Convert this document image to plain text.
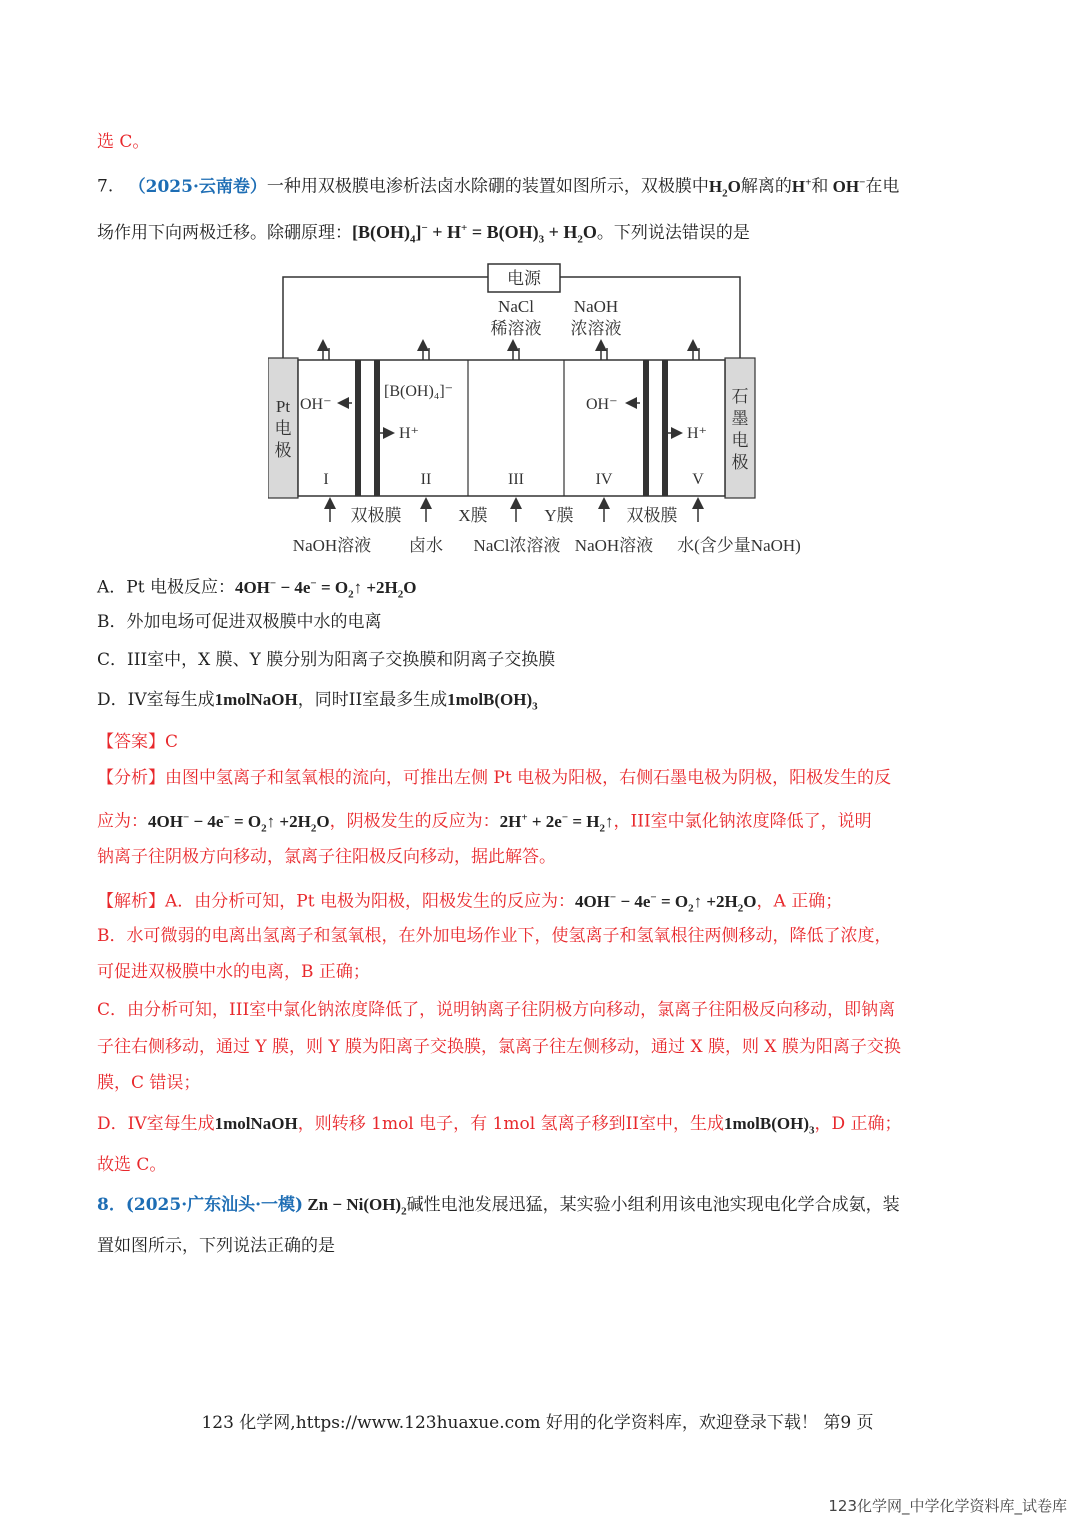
选 C。
7. （2025·云南卷）一种用双极膜电渗析法卤水除硼的装置如图所示，双极膜中$H_2O$解离的H+和 OH−在电
场作用下向两极迁移。除硼原理：$[B(OH)_4]^- + H^+ = B(OH)_3 + H_2O$。下列说法错误的是
电源
NaCl
稀溶液
NaOH
浓溶液
Pt
电
极
石
墨
电
极
OH⁻
H⁺
[B(OH)₄]⁻
OH⁻
H⁺
I	II	III	IV	V
双极膜	X膜	Y膜	双极膜
NaOH溶液 卤水 NaCl浓溶液 NaOH溶液 水(含少量NaOH)
A．Pt 电极反应：$4OH^- - 4e^- = O_2↑ +2H_2O$
B．外加电场可促进双极膜中水的电离
C．III室中，X 膜、Y 膜分别为阳离子交换膜和阴离子交换膜
D．IV室每生成1molNaOH，同时II室最多生成$1molB(OH)_3$
【答案】C
【分析】由图中氢离子和氢氧根的流向，可推出左侧 Pt 电极为阳极，右侧石墨电极为阴极，阳极发生的反
应为：$4OH^- - 4e^- = O_2↑ +2H_2O$，阴极发生的反应为：$2H^+ + 2e^- = H_2↑$，III室中氯化钠浓度降低了，说明
钠离子往阴极方向移动，氯离子往阳极反向移动，据此解答。
【解析】A．由分析可知，Pt 电极为阳极，阳极发生的反应为：$4OH^- - 4e^- = O_2↑ +2H_2O$，A 正确；
B．水可微弱的电离出氢离子和氢氧根，在外加电场作业下，使氢离子和氢氧根往两侧移动，降低了浓度，
可促进双极膜中水的电离，B 正确；
C．由分析可知，III室中氯化钠浓度降低了，说明钠离子往阴极方向移动，氯离子往阳极反向移动，即钠离
子往右侧移动，通过 Y 膜，则 Y 膜为阳离子交换膜，氯离子往左侧移动，通过 X 膜，则 X 膜为阳离子交换
膜，C 错误；
D．IV室每生成1molNaOH，则转移 1mol 电子，有 1mol 氢离子移到II室中，生成$1molB(OH)_3$，D 正确；
故选 C。
8．(2025·广东汕头·一模) $Zn - Ni(OH)_2$碱性电池发展迅猛，某实验小组利用该电池实现电化学合成氨，装
置如图所示，下列说法正确的是
123 化学网,https://www.123huaxue.com 好用的化学资料库，欢迎登录下载！ 第9 页
123化学网_中学化学资料库_试卷库
